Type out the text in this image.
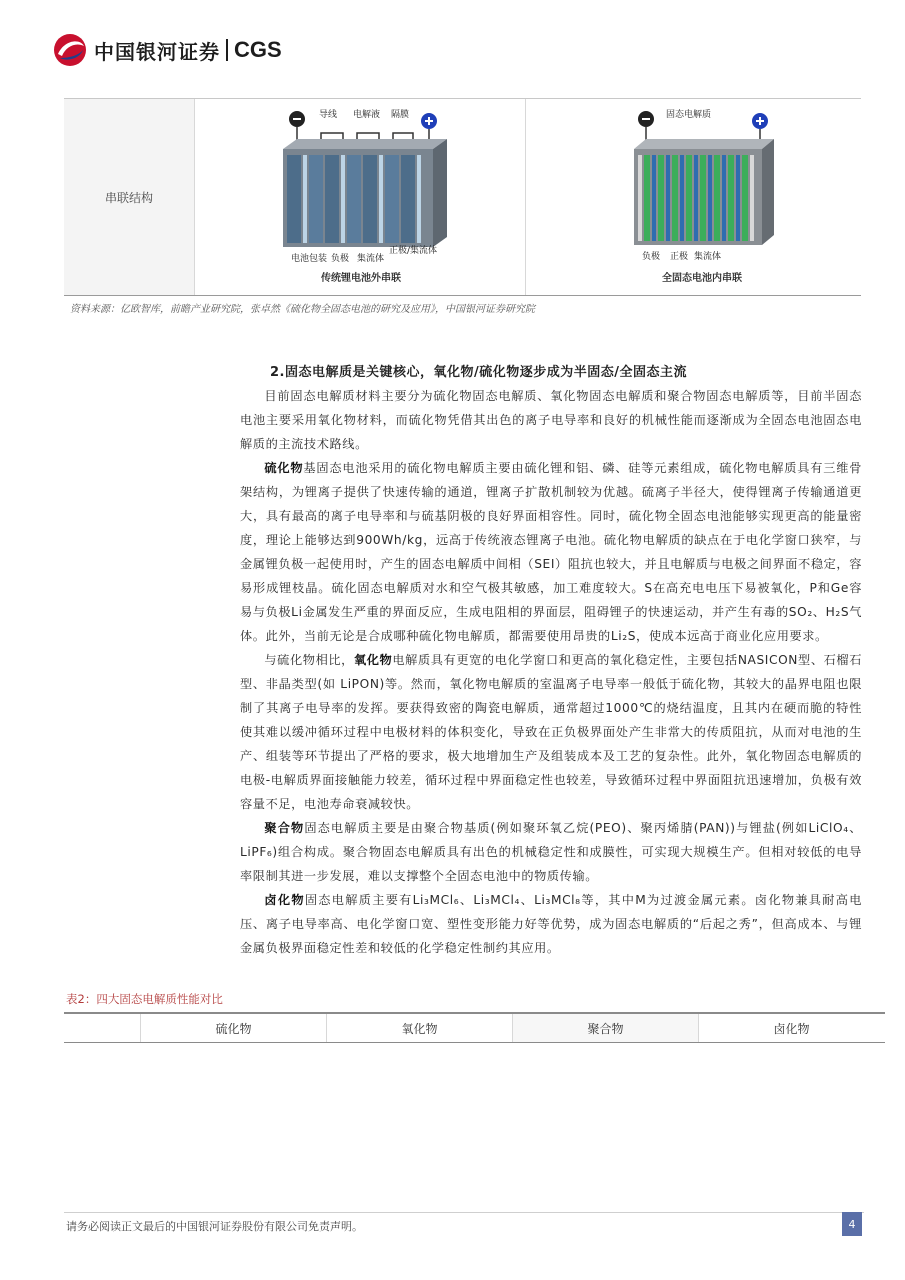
中国银河证券 CGS
串联结构
传统锂电池外串联
导线 电解液 隔膜
电池包装 负极 集流体
正极/集流体
全固态电池内串联
固态电解质
负极 正极 集流体
资料来源：亿欧智库，前瞻产业研究院，张卓然《硫化物全固态电池的研究及应用》，中国银河证券研究院
2.固态电解质是关键核心，氧化物/硫化物逐步成为半固态/全固态主流

目前固态电解质材料主要分为硫化物固态电解质、氧化物固态电解质和聚合物固态电解质等，目前半固态电池主要采用氧化物材料，而硫化物凭借其出色的离子电导率和良好的机械性能而逐渐成为全固态电池固态电解质的主流技术路线。

硫化物基固态电池采用的硫化物电解质主要由硫化锂和铝、磷、硅等元素组成，硫化物电解质具有三维骨架结构，为锂离子提供了快速传输的通道，锂离子扩散机制较为优越。硫离子半径大，使得锂离子传输通道更大，具有最高的离子电导率和与硫基阴极的良好界面相容性。同时，硫化物全固态电池能够实现更高的能量密度，理论上能够达到900Wh/kg，远高于传统液态锂离子电池。硫化物电解质的缺点在于电化学窗口狭窄，与金属锂负极一起使用时，产生的固态电解质中间相（SEI）阻抗也较大，并且电解质与电极之间界面不稳定，容易形成锂枝晶。硫化固态电解质对水和空气极其敏感，加工难度较大。S在高充电电压下易被氧化，P和Ge容易与负极Li金属发生严重的界面反应，生成电阻相的界面层，阻碍锂子的快速运动，并产生有毒的SO₂、H₂S气体。此外，当前无论是合成哪种硫化物电解质，都需要使用昂贵的Li₂S，使成本远高于商业化应用要求。

与硫化物相比，氧化物电解质具有更宽的电化学窗口和更高的氧化稳定性，主要包括NASICON型、石榴石型、非晶类型(如 LiPON)等。然而，氧化物电解质的室温离子电导率一般低于硫化物，其较大的晶界电阻也限制了其离子电导率的发挥。要获得致密的陶瓷电解质，通常超过1000℃的烧结温度，且其内在硬而脆的特性使其难以缓冲循环过程中电极材料的体积变化，导致在正负极界面处产生非常大的传质阻抗，从而对电池的生产、组装等环节提出了严格的要求，极大地增加生产及组装成本及工艺的复杂性。此外，氧化物固态电解质的电极-电解质界面接触能力较差，循环过程中界面稳定性也较差，导致循环过程中界面阻抗迅速增加，负极有效容量不足，电池寿命衰减较快。

聚合物固态电解质主要是由聚合物基质(例如聚环氧乙烷(PEO)、聚丙烯腈(PAN))与锂盐(例如LiClO₄、LiPF₆)组合构成。聚合物固态电解质具有出色的机械稳定性和成膜性，可实现大规模生产。但相对较低的电导率限制其进一步发展，难以支撑整个全固态电池中的物质传输。

卤化物固态电解质主要有Li₃MCl₆、Li₃MCl₄、Li₃MCl₈等，其中M为过渡金属元素。卤化物兼具耐高电压、离子电导率高、电化学窗口宽、塑性变形能力好等优势，成为固态电解质的“后起之秀”，但高成本、与锂金属负极界面稳定性差和较低的化学稳定性制约其应用。

表2：四大固态电解质性能对比
硫化物	氧化物	聚合物	卤化物
请务必阅读正文最后的中国银河证券股份有限公司免责声明。	4
